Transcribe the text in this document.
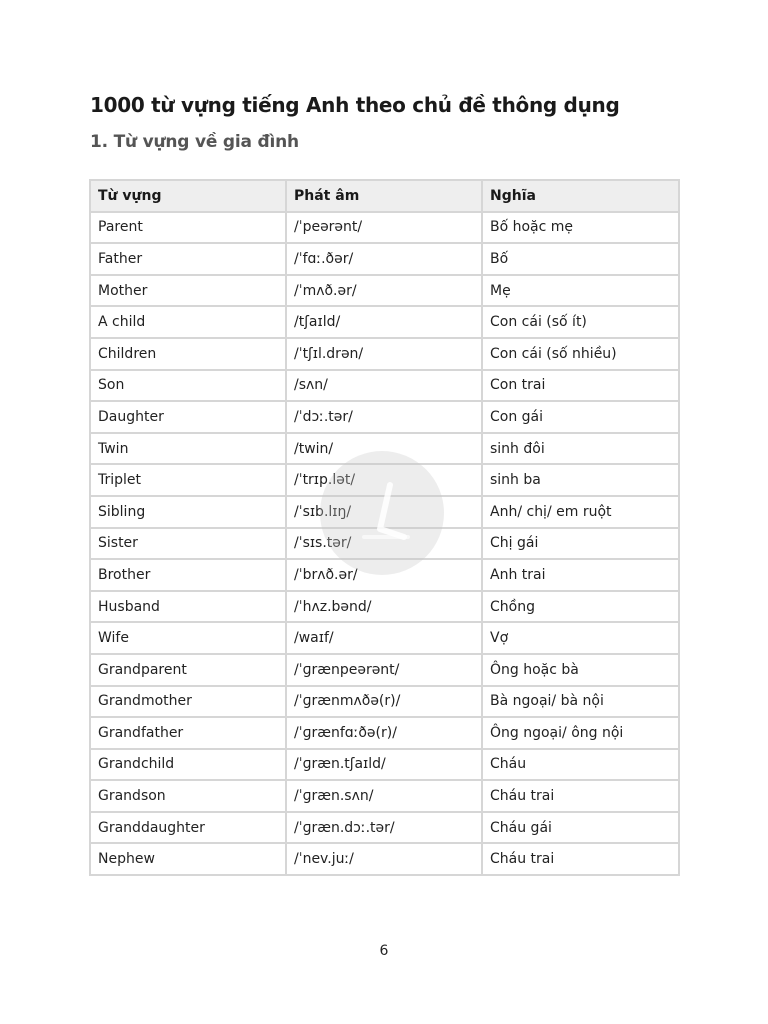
1000 từ vựng tiếng Anh theo chủ đề thông dụng
1. Từ vựng về gia đình
Từ vựng	Phát âm	Nghĩa
Parent	/ˈpeərənt/	Bố hoặc mẹ
Father	/ˈfɑː.ðər/	Bố
Mother	/ˈmʌð.ər/	Mẹ
A child	/tʃaɪld/	Con cái (số ít)
Children	/ˈtʃɪl.drən/	Con cái (số nhiều)
Son	/sʌn/	Con trai
Daughter	/ˈdɔː.tər/	Con gái
Twin	/twin/	sinh đôi
Triplet	/ˈtrɪp.lət/	sinh ba
Sibling	/ˈsɪb.lɪŋ/	Anh/ chị/ em ruột
Sister	/ˈsɪs.tər/	Chị gái
Brother	/ˈbrʌð.ər/	Anh trai
Husband	/ˈhʌz.bənd/	Chồng
Wife	/waɪf/	Vợ
Grandparent	/ˈɡrænpeərənt/	Ông hoặc bà
Grandmother	/ˈɡrænmʌðə(r)/	Bà ngoại/ bà nội
Grandfather	/ˈɡrænfɑːðə(r)/	Ông ngoại/ ông nội
Grandchild	/ˈɡræn.tʃaɪld/	Cháu
Grandson	/ˈɡræn.sʌn/	Cháu trai
Granddaughter	/ˈɡræn.dɔː.tər/	Cháu gái
Nephew	/ˈnev.juː/	Cháu trai
6
